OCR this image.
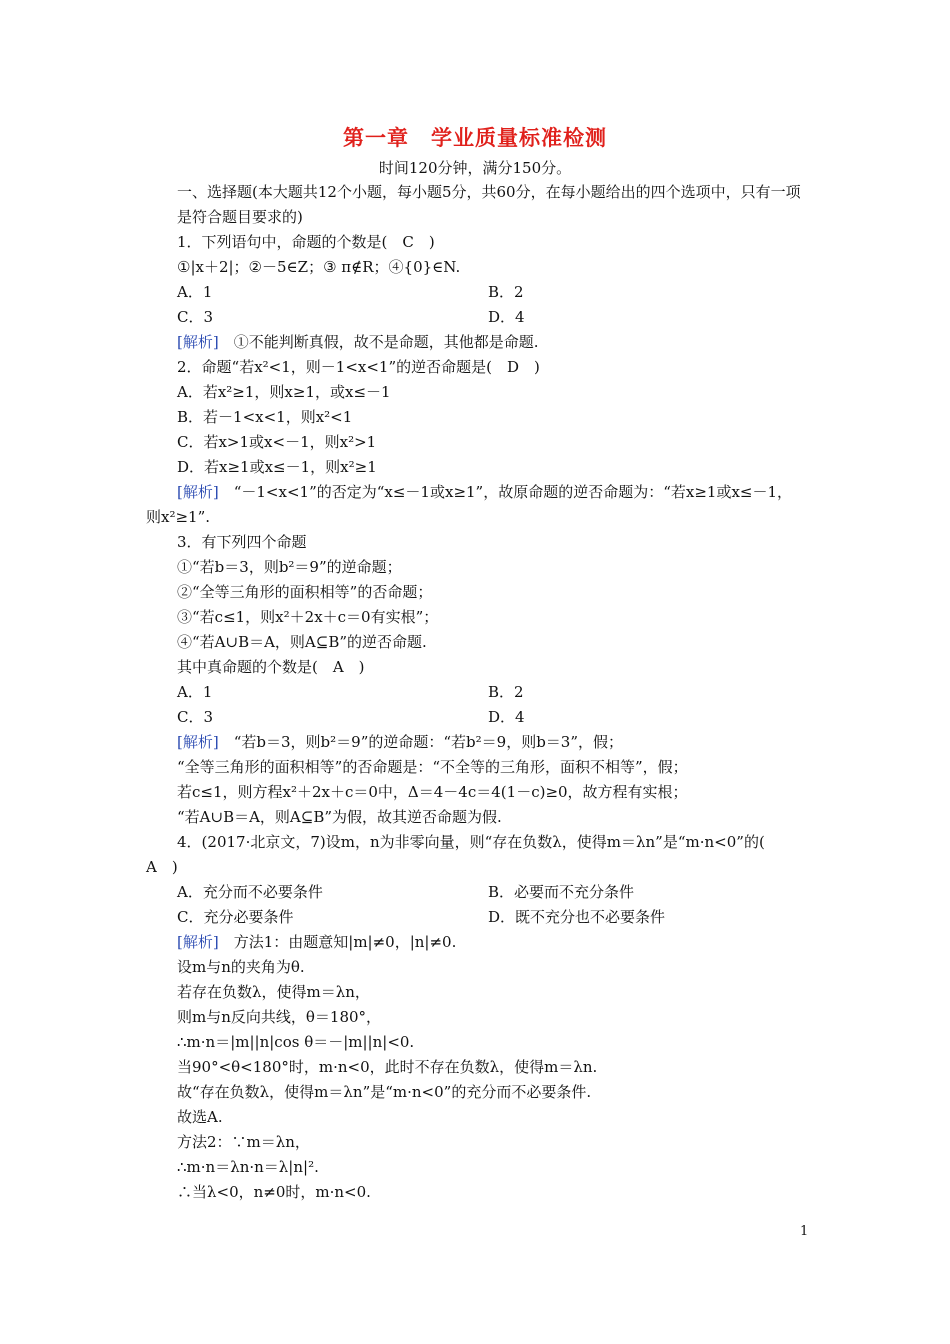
第一章　学业质量标准检测
时间120分钟，满分150分。

一、选择题(本大题共12个小题，每小题5分，共60分，在每小题给出的四个选项中，只有一项是符合题目要求的)

1．下列语句中，命题的个数是(　C　)

①|x＋2|；②－5∈Z；③ π∉R；④{0}∈N.

A．1	B．2
C．3	D．4

[解析]　①不能判断真假，故不是命题，其他都是命题.

2．命题“若x²<1，则－1<x<1”的逆否命题是(　D　)

A．若x²≥1，则x≥1，或x≤－1

B．若－1<x<1，则x²<1

C．若x>1或x<－1，则x²>1

D．若x≥1或x≤－1，则x²≥1

[解析]　“－1<x<1”的否定为“x≤－1或x≥1”，故原命题的逆否命题为：“若x≥1或x≤－1，则x²≥1”.

3．有下列四个命题

①“若b＝3，则b²＝9”的逆命题；

②“全等三角形的面积相等”的否命题；

③“若c≤1，则x²＋2x＋c＝0有实根”；

④“若A∪B＝A，则A⊆B”的逆否命题.

其中真命题的个数是(　A　)

A．1	B．2
C．3	D．4

[解析]　“若b＝3，则b²＝9”的逆命题：“若b²＝9，则b＝3”，假；

“全等三角形的面积相等”的否命题是：“不全等的三角形，面积不相等”，假；

若c≤1，则方程x²＋2x＋c＝0中，Δ＝4－4c＝4(1－c)≥0，故方程有实根；

“若A∪B＝A，则A⊆B”为假，故其逆否命题为假.

4．(2017·北京文，7)设m，n为非零向量，则“存在负数λ，使得m＝λn”是“m·n<0”的(　A　)

A．充分而不必要条件	B．必要而不充分条件
C．充分必要条件	D．既不充分也不必要条件

[解析]　方法1：由题意知|m|≠0，|n|≠0.

设m与n的夹角为θ.

若存在负数λ，使得m＝λn，

则m与n反向共线，θ＝180°，

∴m·n＝|m||n|cos θ＝－|m||n|<0.

当90°<θ<180°时，m·n<0，此时不存在负数λ，使得m＝λn.

故“存在负数λ，使得m＝λn”是“m·n<0”的充分而不必要条件.

故选A.

方法2：∵m＝λn，

∴m·n＝λn·n＝λ|n|².

∴当λ<0，n≠0时，m·n<0.

1
